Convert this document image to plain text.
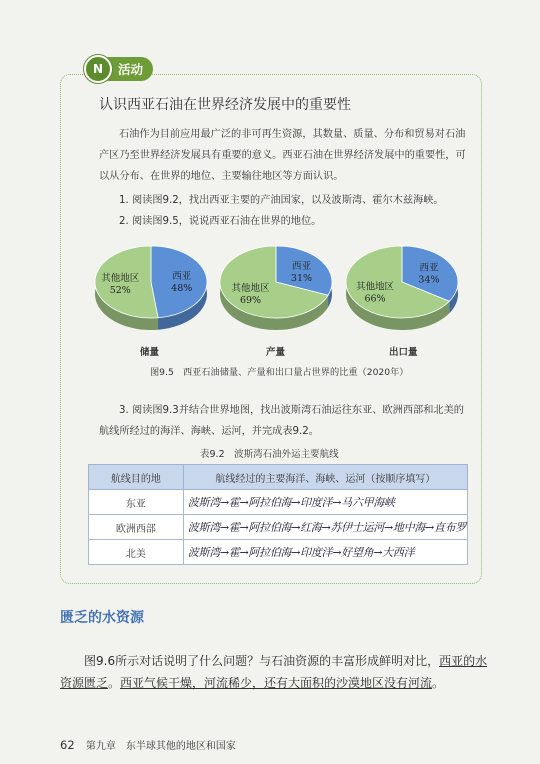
N	活动
认识西亚石油在世界经济发展中的重要性

石油作为目前应用最广泛的非可再生资源，其数量、质量、分布和贸易对石油产区乃至世界经济发展具有重要的意义。西亚石油在世界经济发展中的重要性，可以从分布、在世界的地位、主要输往地区等方面认识。

1. 阅读图9.2，找出西亚主要的产油国家，以及波斯湾、霍尔木兹海峡。

2. 阅读图9.5，说说西亚石油在世界的地位。

西亚
48%
其他地区
52%
西亚
31%
其他地区
69%
西亚
34%
其他地区
66%
储量	产量	出口量
图9.5　西亚石油储量、产量和出口量占世界的比重（2020年）

3. 阅读图9.3并结合世界地图，找出波斯湾石油运往东亚、欧洲西部和北美的航线所经过的海洋、海峡、运河，并完成表9.2。

表9.2　波斯湾石油外运主要航线
航线目的地	航线经过的主要海洋、海峡、运河（按顺序填写）
东亚	波斯湾→霍→阿拉伯海→印度洋→马六甲海峡
欧洲西部	波斯湾→霍→阿拉伯海→红海→苏伊士运河→地中海→直布罗
北美	波斯湾→霍→阿拉伯海→印度洋→好望角→大西洋
匮乏的水资源

图9.6所示对话说明了什么问题？与石油资源的丰富形成鲜明对比，西亚的水资源匮乏。西亚气候干燥，河流稀少，还有大面积的沙漠地区没有河流。

62 第九章　东半球其他的地区和国家
